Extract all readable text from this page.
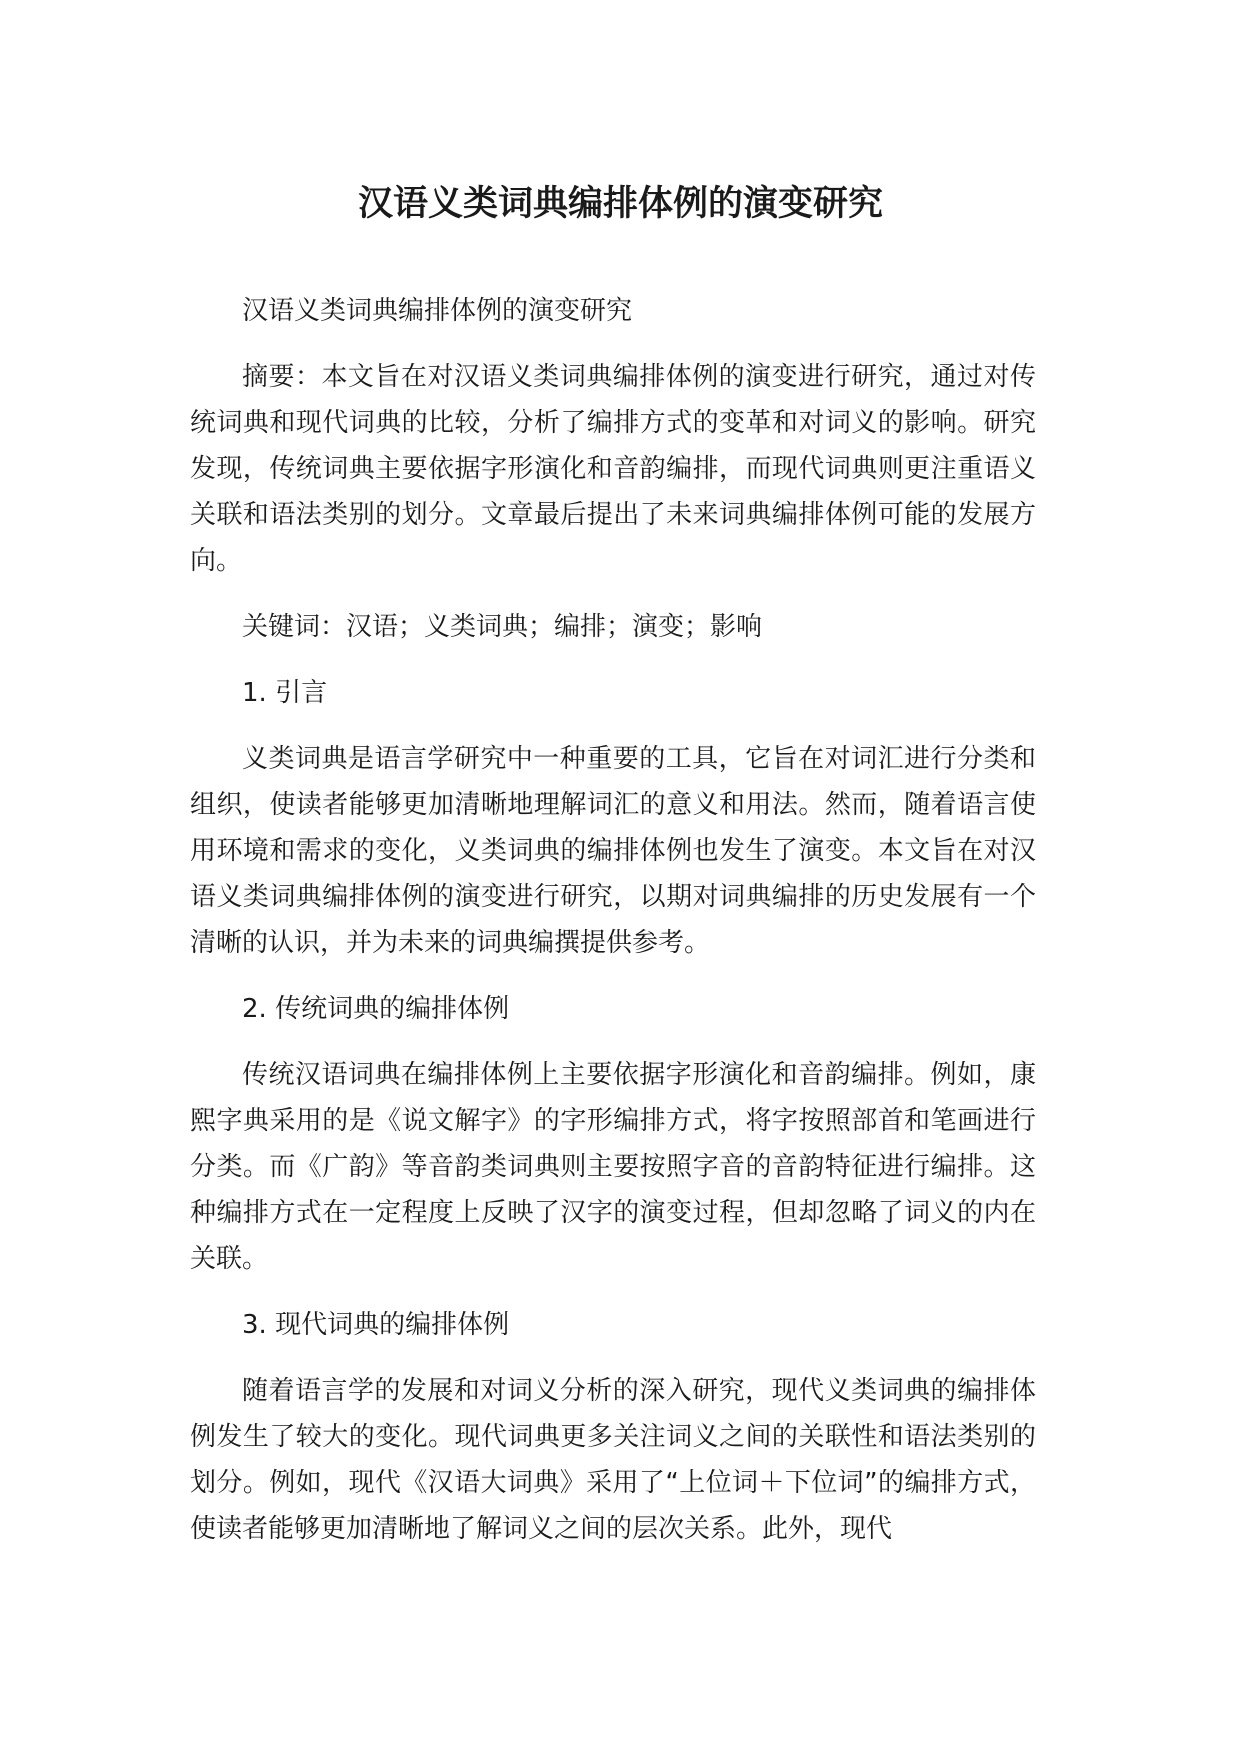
汉语义类词典编排体例的演变研究

汉语义类词典编排体例的演变研究

摘要：本文旨在对汉语义类词典编排体例的演变进行研究，通过对传统词典和现代词典的比较，分析了编排方式的变革和对词义的影响。研究发现，传统词典主要依据字形演化和音韵编排，而现代词典则更注重语义关联和语法类别的划分。文章最后提出了未来词典编排体例可能的发展方向。

关键词：汉语；义类词典；编排；演变；影响

1. 引言

义类词典是语言学研究中一种重要的工具，它旨在对词汇进行分类和组织，使读者能够更加清晰地理解词汇的意义和用法。然而，随着语言使用环境和需求的变化，义类词典的编排体例也发生了演变。本文旨在对汉语义类词典编排体例的演变进行研究，以期对词典编排的历史发展有一个清晰的认识，并为未来的词典编撰提供参考。

2. 传统词典的编排体例

传统汉语词典在编排体例上主要依据字形演化和音韵编排。例如，康熙字典采用的是《说文解字》的字形编排方式，将字按照部首和笔画进行分类。而《广韵》等音韵类词典则主要按照字音的音韵特征进行编排。这种编排方式在一定程度上反映了汉字的演变过程，但却忽略了词义的内在关联。

3. 现代词典的编排体例

随着语言学的发展和对词义分析的深入研究，现代义类词典的编排体例发生了较大的变化。现代词典更多关注词义之间的关联性和语法类别的划分。例如，现代《汉语大词典》采用了“上位词＋下位词”的编排方式，使读者能够更加清晰地了解词义之间的层次关系。此外，现代
